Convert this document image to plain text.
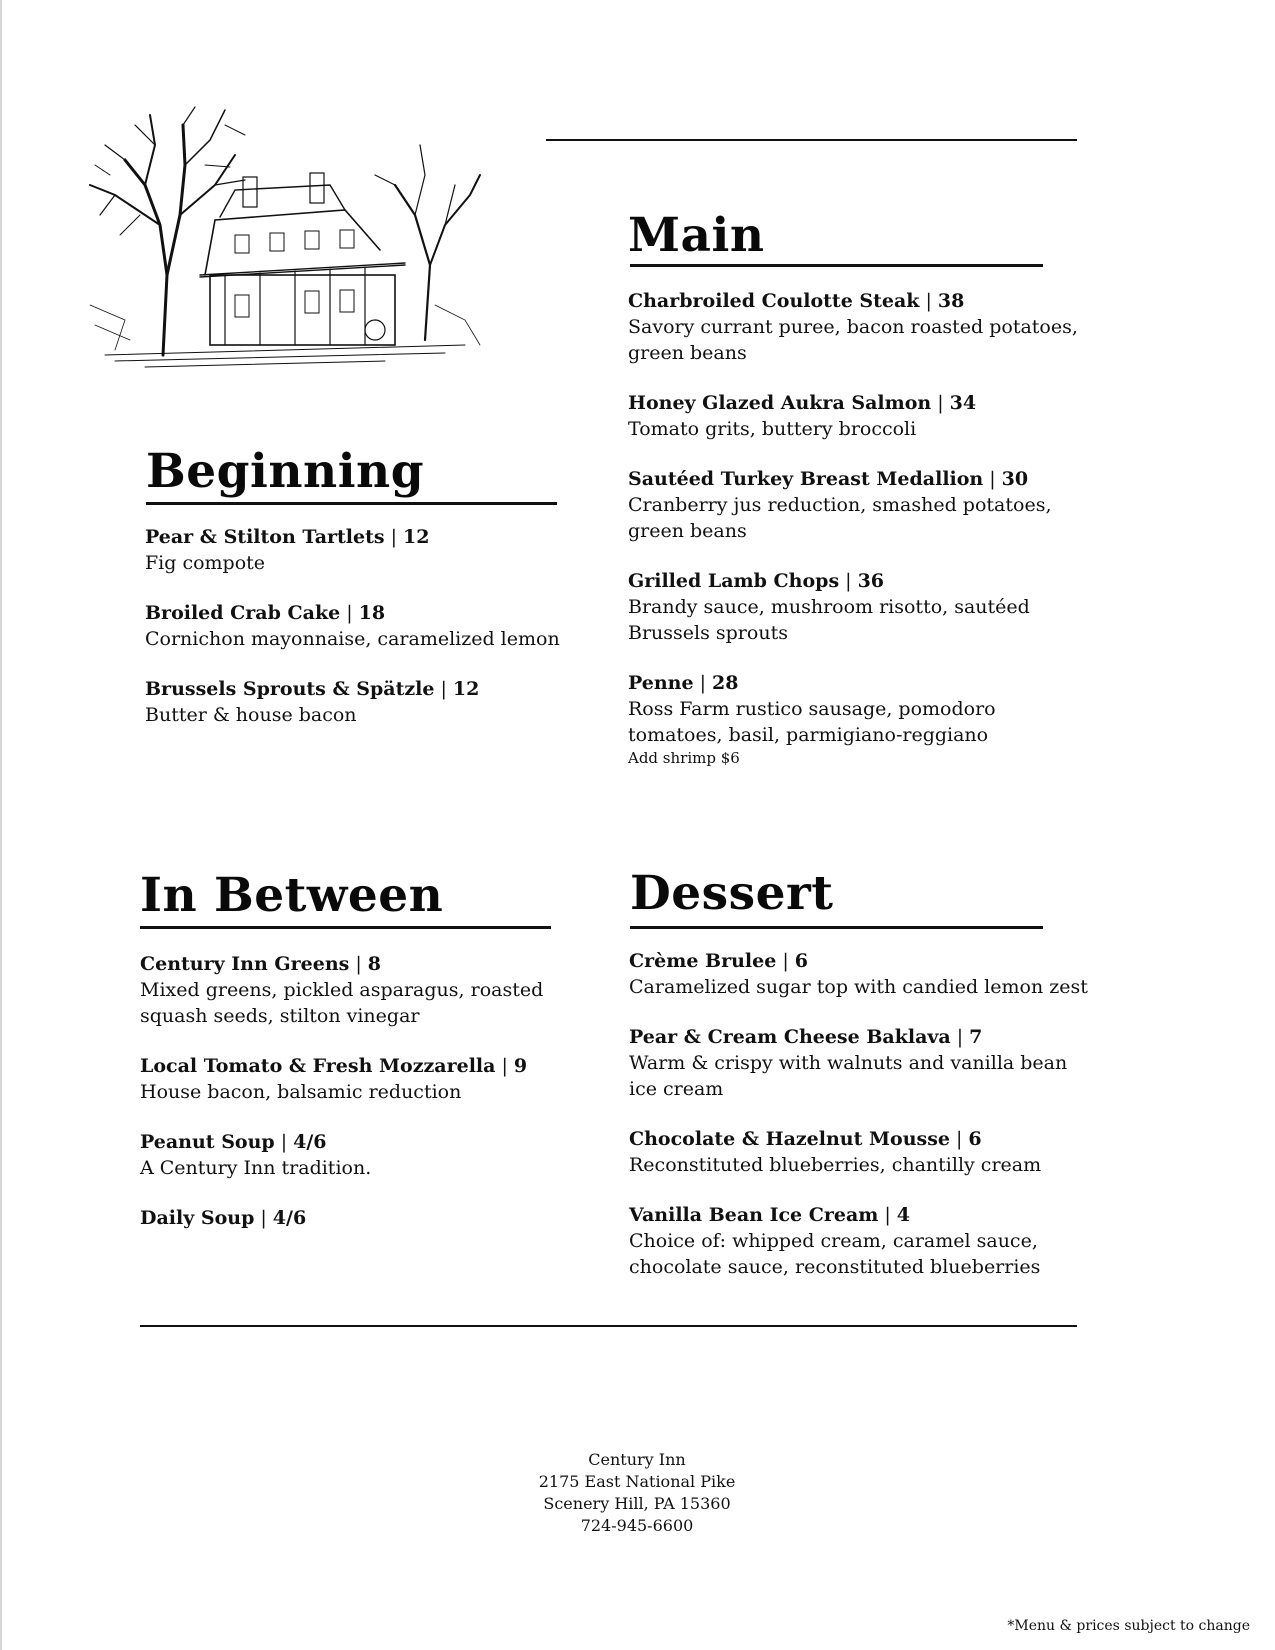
Main
Charbroiled Coulotte Steak | 38
Savory currant puree, bacon roasted potatoes, green beans
Honey Glazed Aukra Salmon | 34
Tomato grits, buttery broccoli
Sautéed Turkey Breast Medallion | 30
Cranberry jus reduction, smashed potatoes, green beans
Grilled Lamb Chops | 36
Brandy sauce, mushroom risotto, sautéed Brussels sprouts
Penne | 28
Ross Farm rustico sausage, pomodoro tomatoes, basil, parmigiano-reggiano
Add shrimp $6
Beginning
Pear & Stilton Tartlets | 12
Fig compote
Broiled Crab Cake | 18
Cornichon mayonnaise, caramelized lemon
Brussels Sprouts & Spätzle | 12
Butter & house bacon
In Between
Century Inn Greens | 8
Mixed greens, pickled asparagus, roasted squash seeds, stilton vinegar
Local Tomato & Fresh Mozzarella | 9
House bacon, balsamic reduction
Peanut Soup | 4/6
A Century Inn tradition.
Daily Soup | 4/6
Dessert
Crème Brulee | 6
Caramelized sugar top with candied lemon zest
Pear & Cream Cheese Baklava | 7
Warm & crispy with walnuts and vanilla bean ice cream
Chocolate & Hazelnut Mousse | 6
Reconstituted blueberries, chantilly cream
Vanilla Bean Ice Cream | 4
Choice of: whipped cream, caramel sauce, chocolate sauce, reconstituted blueberries
Century Inn
2175 East National Pike
Scenery Hill, PA 15360
724-945-6600
*Menu & prices subject to change
